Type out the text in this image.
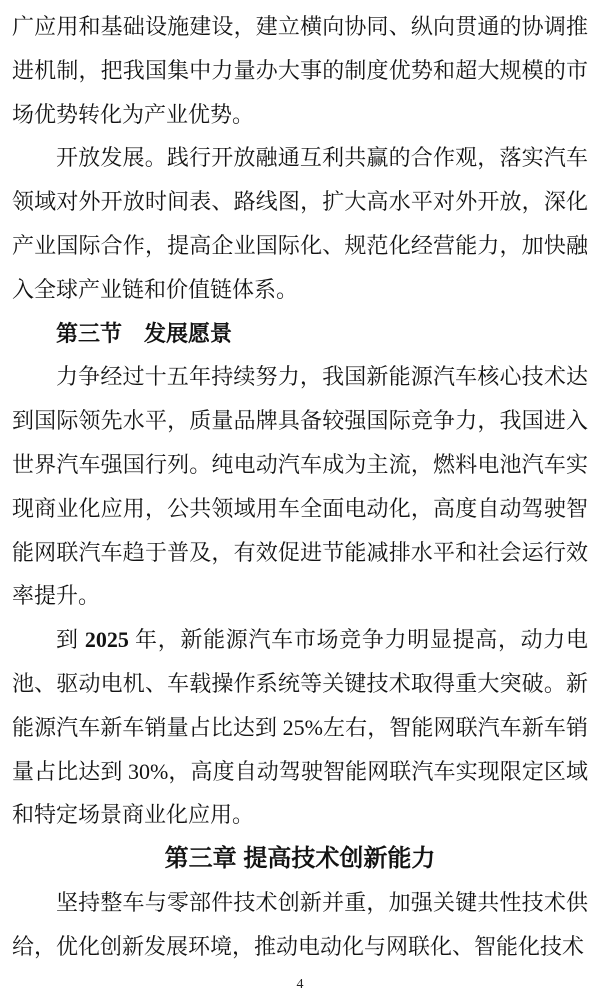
广应用和基础设施建设，建立横向协同、纵向贯通的协调推进机制，把我国集中力量办大事的制度优势和超大规模的市场优势转化为产业优势。

开放发展。践行开放融通互利共赢的合作观，落实汽车领域对外开放时间表、路线图，扩大高水平对外开放，深化产业国际合作，提高企业国际化、规范化经营能力，加快融入全球产业链和价值链体系。

第三节　发展愿景

力争经过十五年持续努力，我国新能源汽车核心技术达到国际领先水平，质量品牌具备较强国际竞争力，我国进入世界汽车强国行列。纯电动汽车成为主流，燃料电池汽车实现商业化应用，公共领域用车全面电动化，高度自动驾驶智能网联汽车趋于普及，有效促进节能减排水平和社会运行效率提升。

到 2025 年，新能源汽车市场竞争力明显提高，动力电池、驱动电机、车载操作系统等关键技术取得重大突破。新能源汽车新车销量占比达到 25%左右，智能网联汽车新车销量占比达到 30%，高度自动驾驶智能网联汽车实现限定区域和特定场景商业化应用。

第三章 提高技术创新能力

坚持整车与零部件技术创新并重，加强关键共性技术供给，优化创新发展环境，推动电动化与网联化、智能化技术

4
